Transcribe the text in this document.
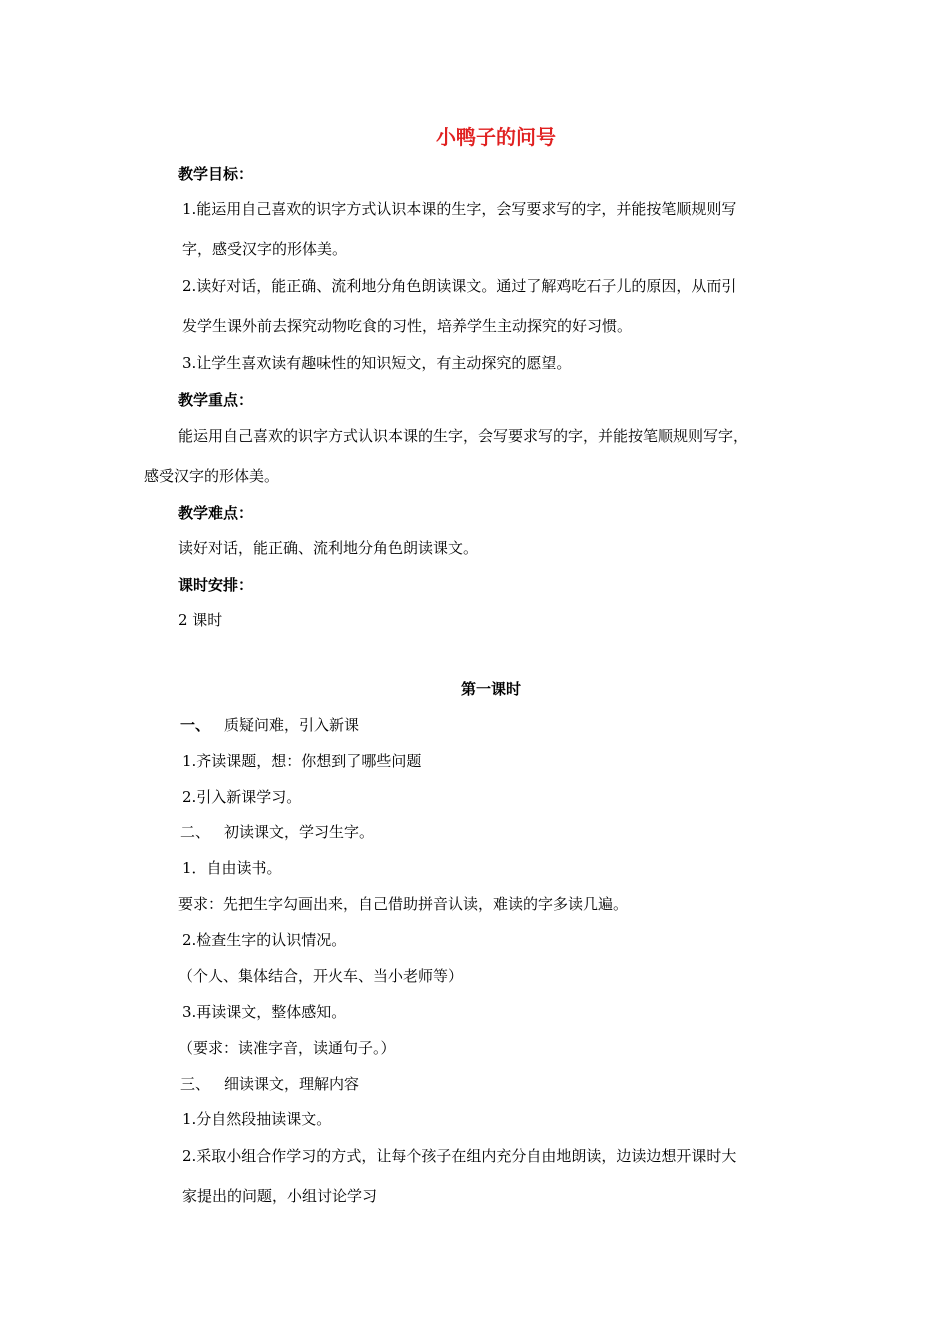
小鸭子的问号
教学目标：
1.能运用自己喜欢的识字方式认识本课的生字，会写要求写的字，并能按笔顺规则写
字，感受汉字的形体美。
2.读好对话，能正确、流利地分角色朗读课文。通过了解鸡吃石子儿的原因，从而引
发学生课外前去探究动物吃食的习性，培养学生主动探究的好习惯。
3.让学生喜欢读有趣味性的知识短文，有主动探究的愿望。
教学重点：
能运用自己喜欢的识字方式认识本课的生字，会写要求写的字，并能按笔顺规则写字，
感受汉字的形体美。
教学难点：
读好对话，能正确、流利地分角色朗读课文。
课时安排：
2 课时
第一课时
一、 质疑问难，引入新课
1.齐读课题，想：你想到了哪些问题
2.引入新课学习。
二、 初读课文，学习生字。
1．自由读书。
要求：先把生字勾画出来，自己借助拼音认读，难读的字多读几遍。
2.检查生字的认识情况。
（个人、集体结合，开火车、当小老师等）
3.再读课文，整体感知。
（要求：读准字音，读通句子。）
三、 细读课文，理解内容
1.分自然段抽读课文。
2.采取小组合作学习的方式，让每个孩子在组内充分自由地朗读，边读边想开课时大
家提出的问题，小组讨论学习
